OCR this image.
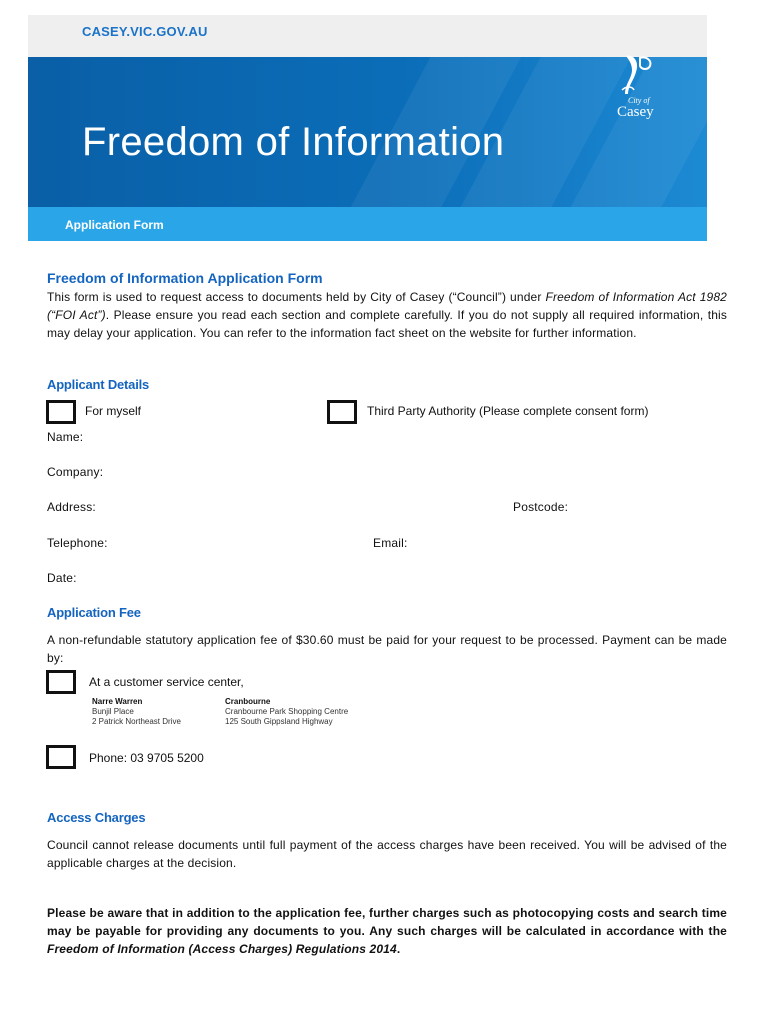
CASEY.VIC.GOV.AU
Freedom of Information
City of
Casey
Application Form
Freedom of Information Application Form
This form is used to request access to documents held by City of Casey (“Council”) under Freedom of Information Act 1982 (“FOI Act”). Please ensure you read each section and complete carefully. If you do not supply all required information, this may delay your application. You can refer to the information fact sheet on the website for further information.
Applicant Details
For myself	Third Party Authority (Please complete consent form)
Name:
Company:
Address:	Postcode:
Telephone:	Email:
Date:
Application Fee
A non-refundable statutory application fee of $30.60 must be paid for your request to be processed. Payment can be made by:
At a customer service center,
Narre Warren
Bunjil Place
2 Patrick Northeast Drive
Cranbourne
Cranbourne Park Shopping Centre
125 South Gippsland Highway
Phone: 03 9705 5200
Access Charges
Council cannot release documents until full payment of the access charges have been received. You will be advised of the applicable charges at the decision.
Please be aware that in addition to the application fee, further charges such as photocopying costs and search time may be payable for providing any documents to you. Any such charges will be calculated in accordance with the Freedom of Information (Access Charges) Regulations 2014.
